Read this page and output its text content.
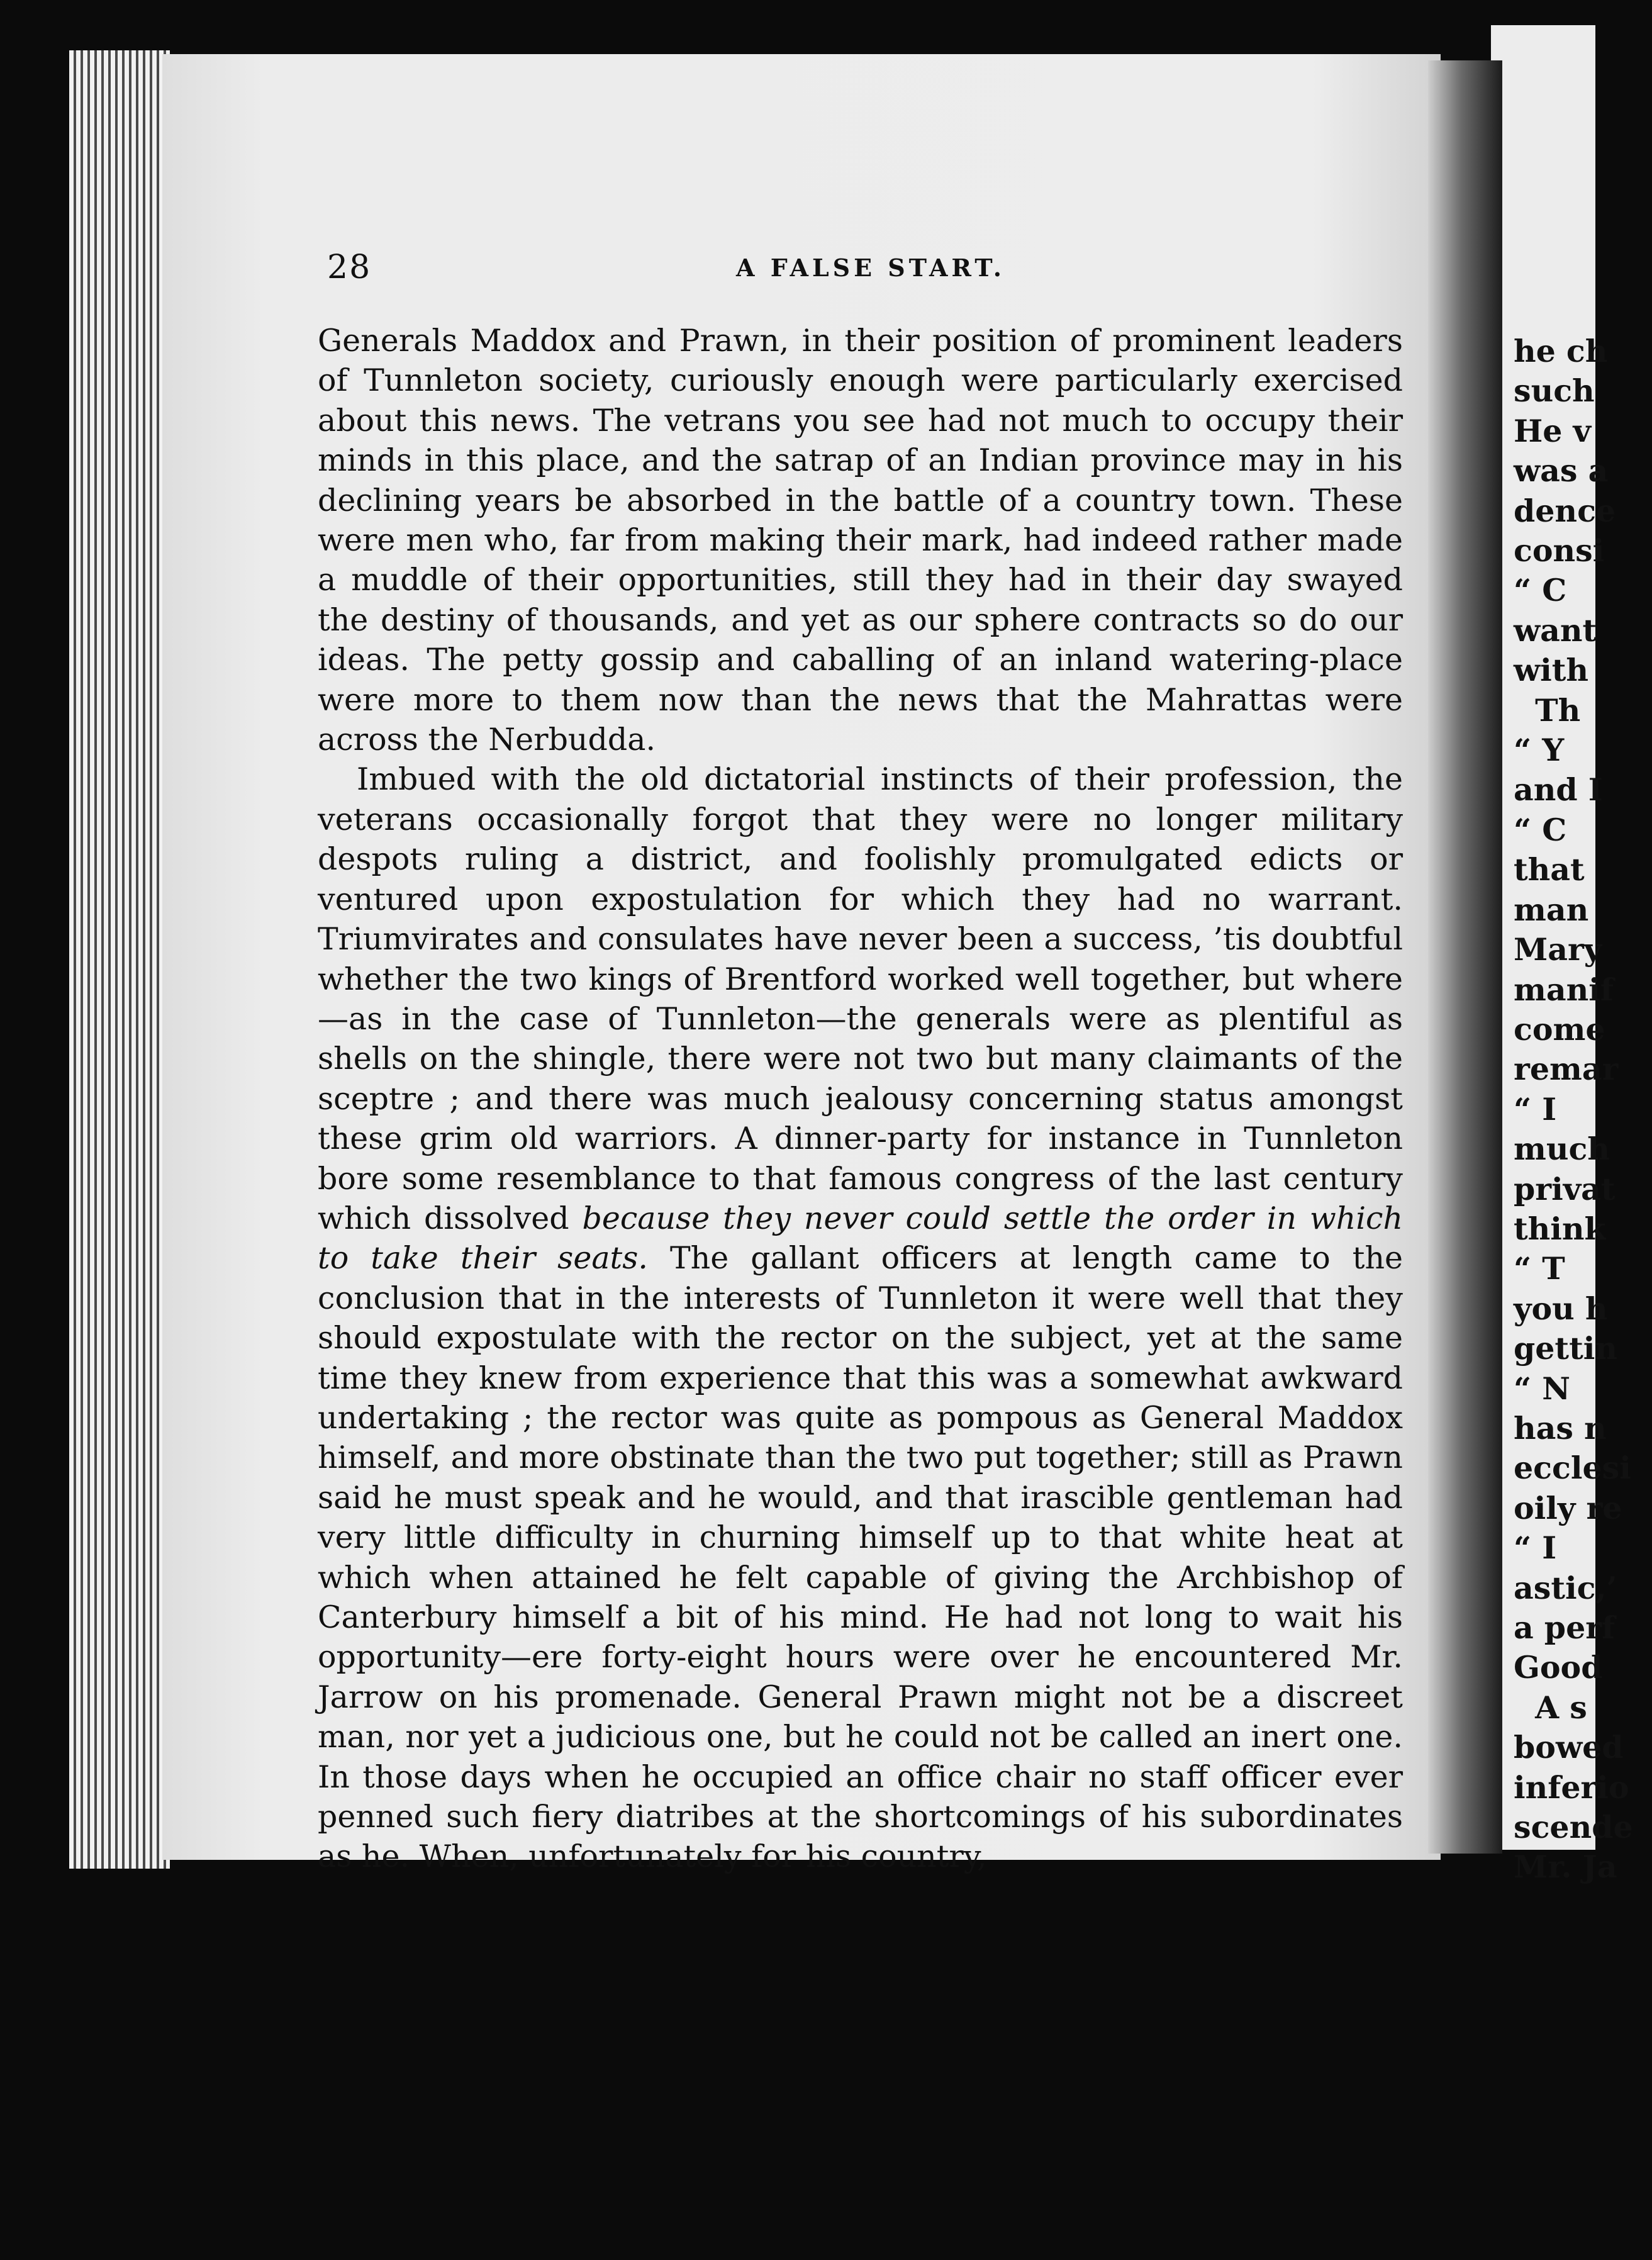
he ch
such
He v
was a
dence
consi
“ C
want
with
Th
“ Y
and I
“ C
that
man
Mary
manif
come
remar
“ I
much
privat
think
“ T
you h
gettin
“ N
has n
ecclesi
oily re
“ I
astic,’
a perf
Good
A s
bowed
inferio
scende
Mr. Ja
28	A FALSE START.

Generals Maddox and Prawn, in their position of prominent leaders of Tunnleton society, curiously enough were particularly exercised about this news. The vetrans you see had not much to occupy their minds in this place, and the satrap of an Indian province may in his declining years be absorbed in the battle of a country town. These were men who, far from making their mark, had indeed rather made a muddle of their opportunities, still they had in their day swayed the destiny of thousands, and yet as our sphere contracts so do our ideas. The petty gossip and caballing of an inland watering-place were more to them now than the news that the Mahrattas were across the Nerbudda.

Imbued with the old dictatorial instincts of their profession, the veterans occasionally forgot that they were no longer military despots ruling a district, and foolishly promulgated edicts or ventured upon expostulation for which they had no warrant. Triumvirates and consulates have never been a success, ’tis doubtful whether the two kings of Brentford worked well together, but where—as in the case of Tunnleton—the generals were as plentiful as shells on the shingle, there were not two but many claimants of the sceptre ; and there was much jealousy concerning status amongst these grim old warriors. A dinner-party for instance in Tunnleton bore some resemblance to that famous congress of the last century which dissolved because they never could settle the order in which to take their seats. The gallant officers at length came to the conclusion that in the interests of Tunnleton it were well that they should expostulate with the rector on the subject, yet at the same time they knew from experience that this was a somewhat awkward undertaking ; the rector was quite as pompous as General Maddox himself, and more obstinate than the two put together; still as Prawn said he must speak and he would, and that irascible gentleman had very little difficulty in churning himself up to that white heat at which when attained he felt capable of giving the Archbishop of Canterbury himself a bit of his mind. He had not long to wait his opportunity—ere forty-eight hours were over he encountered Mr. Jarrow on his promenade. General Prawn might not be a discreet man, nor yet a judicious one, but he could not be called an inert one. In those days when he occupied an office chair no staff officer ever penned such fiery diatribes at the shortcomings of his subordinates as he. When, unfortunately for his country,
